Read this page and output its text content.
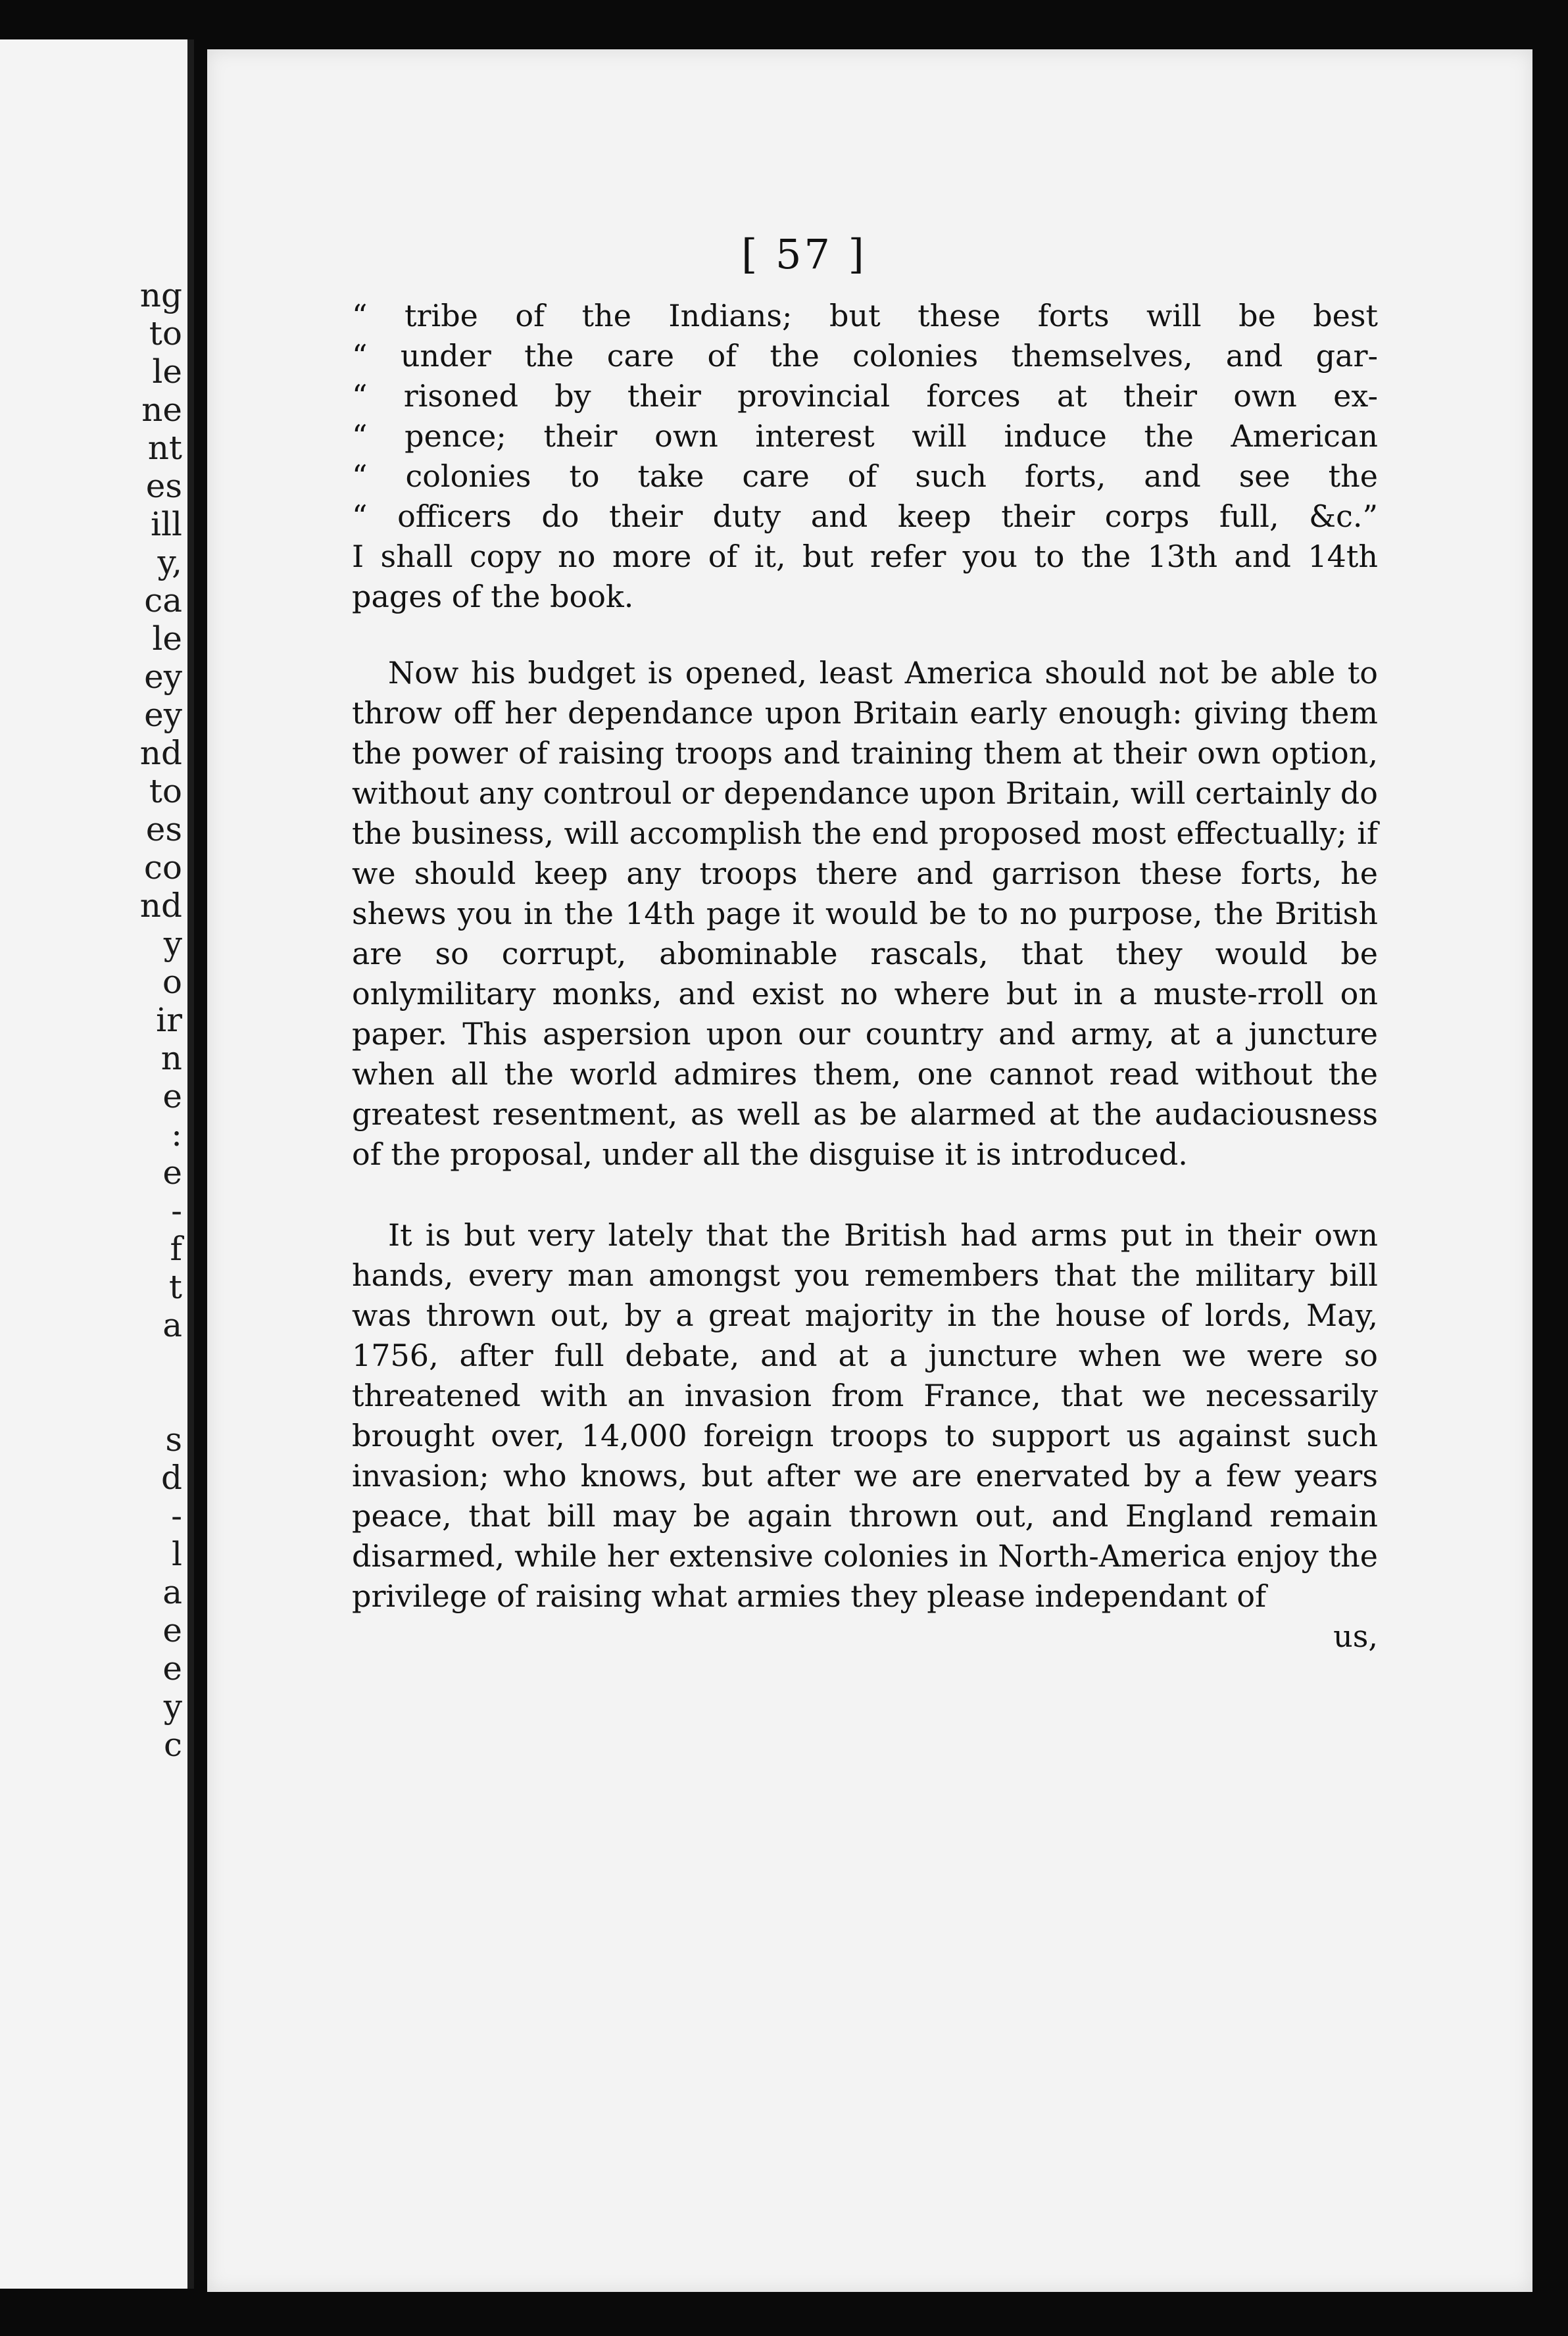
ng
to
le
ne
nt
es
ill
y,
ca
le
ey
ey
nd
to
es
co
nd
y
o
ir
n
e
:
e
-
f
t
a
s
d
-
l
a
e
e
y
c
[ 57 ]
“ tribe of the Indians; but these forts will be best
“ under the care of the colonies themselves, and gar-
“ risoned by their provincial forces at their own ex-
“ pence; their own interest will induce the American
“ colonies to take care of such forts, and see the
“ officers do their duty and keep their corps full, &c.”

I shall copy no more of it, but refer you to the 13th and 14th pages of the book.

Now his budget is opened, least America should not be able to throw off her dependance upon Britain early enough: giving them the power of raising troops and training them at their own option, without any controul or dependance upon Britain, will certainly do the business, will accomplish the end proposed most effectually; if we should keep any troops there and garrison these forts, he shews you in the 14th page it would be to no purpose, the British are so corrupt, abominable rascals, that they would be onlymilitary monks, and exist no where but in a muste-rroll on paper. This aspersion upon our country and army, at a juncture when all the world admires them, one cannot read without the greatest resentment, as well as be alarmed at the audaciousness of the proposal, under all the disguise it is introduced.

It is but very lately that the British had arms put in their own hands, every man amongst you remembers that the military bill was thrown out, by a great majority in the house of lords, May, 1756, after full debate, and at a juncture when we were so threatened with an invasion from France, that we necessarily brought over, 14,000 foreign troops to support us against such invasion; who knows, but after we are enervated by a few years peace, that bill may be again thrown out, and England remain disarmed, while her extensive colonies in North-America enjoy the privilege of raising what armies they please independant of

us,
